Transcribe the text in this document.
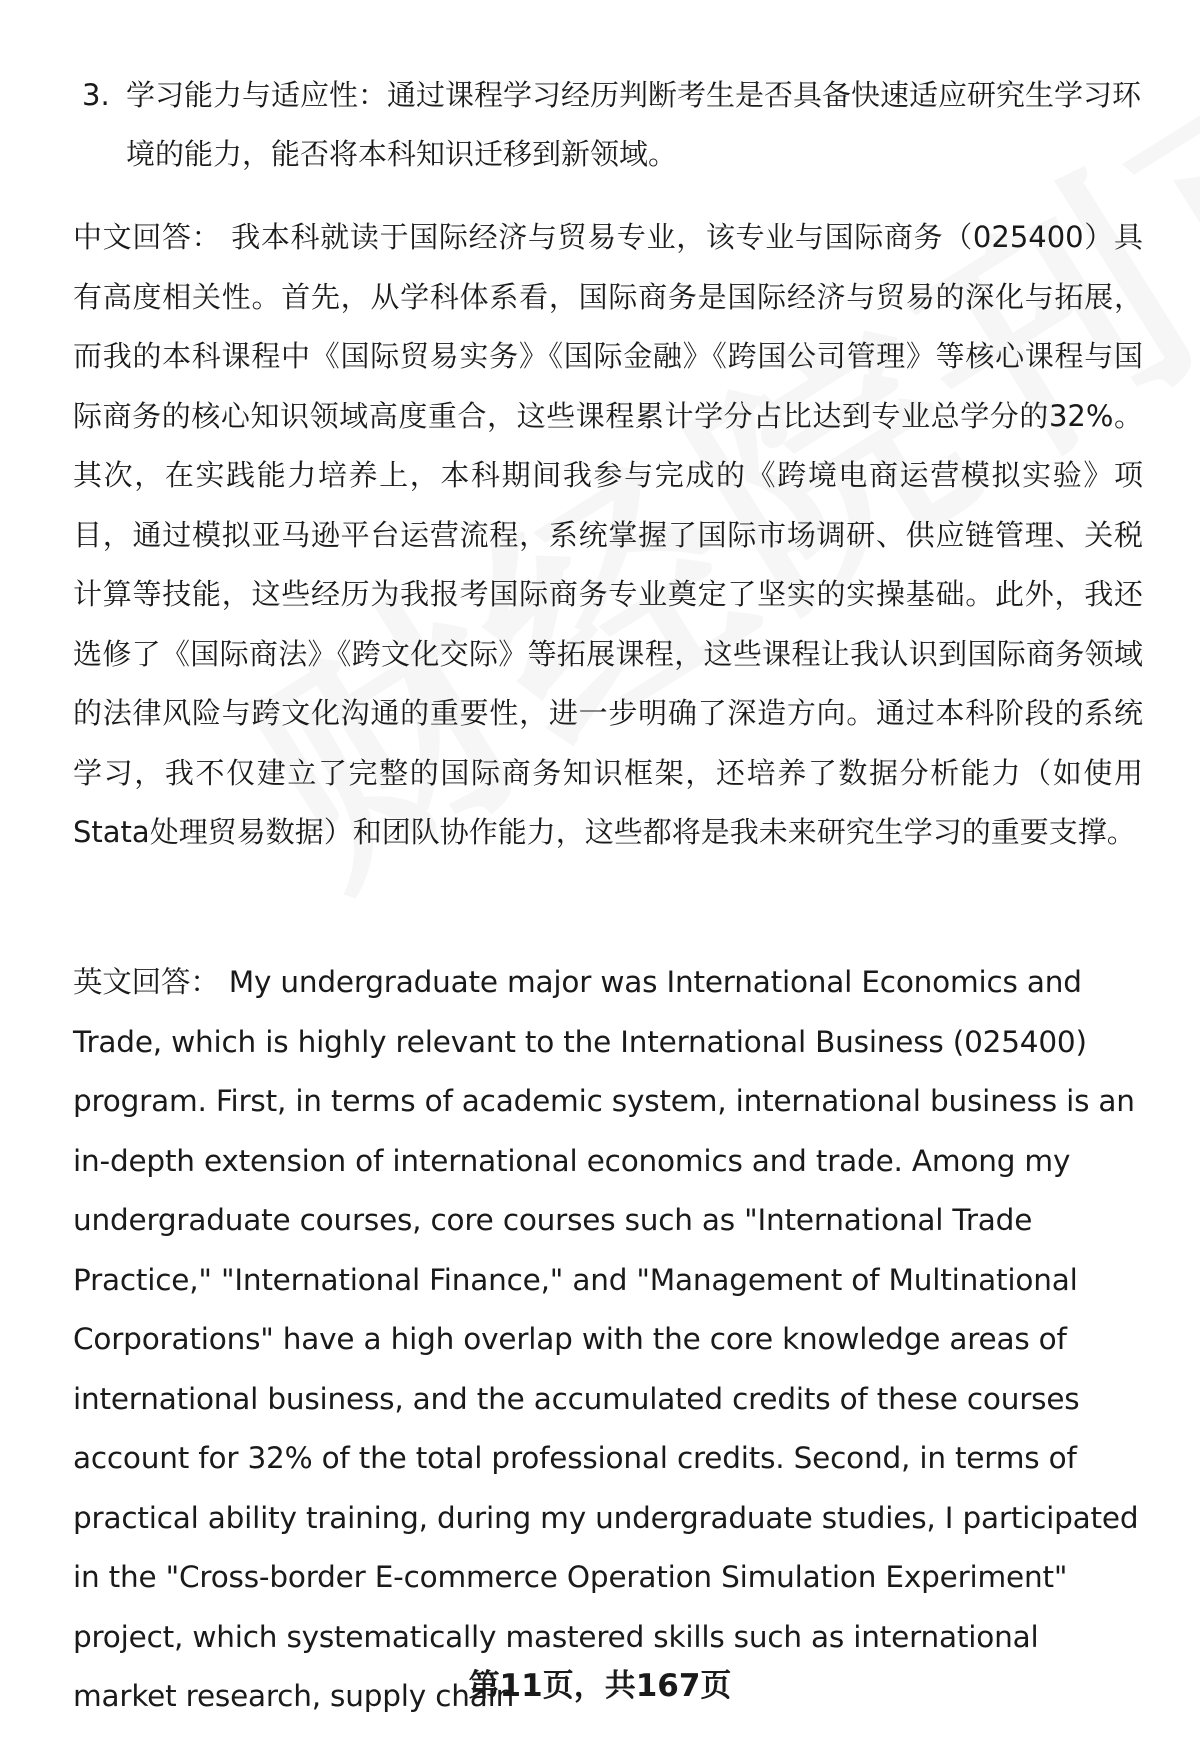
3. 学习能力与适应性：通过课程学习经历判断考生是否具备快速适应研究生学习环境的能力，能否将本科知识迁移到新领域。
中文回答： 我本科就读于国际经济与贸易专业，该专业与国际商务（025400）具有高度相关性。首先，从学科体系看，国际商务是国际经济与贸易的深化与拓展，而我的本科课程中《国际贸易实务》《国际金融》《跨国公司管理》等核心课程与国际商务的核心知识领域高度重合，这些课程累计学分占比达到专业总学分的32%。其次，在实践能力培养上，本科期间我参与完成的《跨境电商运营模拟实验》项目，通过模拟亚马逊平台运营流程，系统掌握了国际市场调研、供应链管理、关税计算等技能，这些经历为我报考国际商务专业奠定了坚实的实操基础。此外，我还选修了《国际商法》《跨文化交际》等拓展课程，这些课程让我认识到国际商务领域的法律风险与跨文化沟通的重要性，进一步明确了深造方向。通过本科阶段的系统学习，我不仅建立了完整的国际商务知识框架，还培养了数据分析能力（如使用Stata处理贸易数据）和团队协作能力，这些都将是我未来研究生学习的重要支撑。
英文回答： My undergraduate major was International Economics and Trade, which is highly relevant to the International Business (025400) program. First, in terms of academic system, international business is an in-depth extension of international economics and trade. Among my undergraduate courses, core courses such as "International Trade Practice," "International Finance," and "Management of Multinational Corporations" have a high overlap with the core knowledge areas of international business, and the accumulated credits of these courses account for 32% of the total professional credits. Second, in terms of practical ability training, during my undergraduate studies, I participated in the "Cross-border E-commerce Operation Simulation Experiment" project, which systematically mastered skills such as international market research, supply chain
第11页，共167页
